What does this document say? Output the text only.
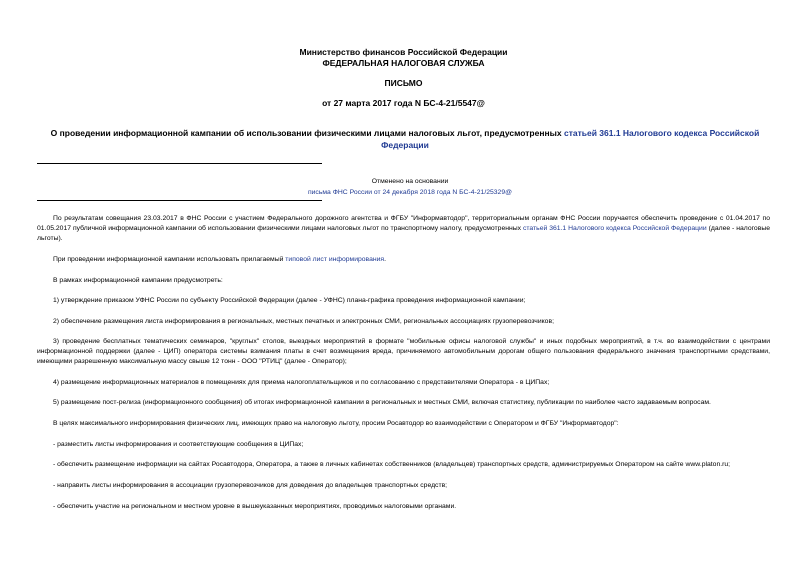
Министерство финансов Российской Федерации
ФЕДЕРАЛЬНАЯ НАЛОГОВАЯ СЛУЖБА
ПИСЬМО
от 27 марта 2017 года N БС-4-21/5547@
О проведении информационной кампании об использовании физическими лицами налоговых льгот, предусмотренных статьей 361.1 Налогового кодекса Российской Федерации
Отменено на основании
письма ФНС России от 24 декабря 2018 года N БС-4-21/25329@
По результатам совещания 23.03.2017 в ФНС России с участием Федерального дорожного агентства и ФГБУ "Информавтодор", территориальным органам ФНС России поручается обеспечить проведение с 01.04.2017 по 01.05.2017 публичной информационной кампании об использовании физическими лицами налоговых льгот по транспортному налогу, предусмотренных статьей 361.1 Налогового кодекса Российской Федерации (далее - налоговые льготы).
При проведении информационной кампании использовать прилагаемый типовой лист информирования.
В рамках информационной кампании предусмотреть:
1) утверждение приказом УФНС России по субъекту Российской Федерации (далее - УФНС) плана-графика проведения информационной кампании;
2) обеспечение размещения листа информирования в региональных, местных печатных и электронных СМИ, региональных ассоциациях грузоперевозчиков;
3) проведение бесплатных тематических семинаров, "круглых" столов, выездных мероприятий в формате "мобильные офисы налоговой службы" и иных подобных мероприятий, в т.ч. во взаимодействии с центрами информационной поддержки (далее - ЦИП) оператора системы взимания платы в счет возмещения вреда, причиняемого автомобильным дорогам общего пользования федерального значения транспортными средствами, имеющими разрешенную максимальную массу свыше 12 тонн - ООО "РТИЦ" (далее - Оператор);
4) размещение информационных материалов в помещениях для приема налогоплательщиков и по согласованию с представителями Оператора - в ЦИПах;
5) размещение пост-релиза (информационного сообщения) об итогах информационной кампании в региональных и местных СМИ, включая статистику, публикации по наиболее часто задаваемым вопросам.
В целях максимального информирования физических лиц, имеющих право на налоговую льготу, просим Росавтодор во взаимодействии с Оператором и ФГБУ "Информавтодор":
- разместить листы информирования и соответствующие сообщения в ЦИПах;
- обеспечить размещение информации на сайтах Росавтодора, Оператора, а также в личных кабинетах собственников (владельцев) транспортных средств, администрируемых Оператором на сайте www.platon.ru;
- направить листы информирования в ассоциации грузоперевозчиков для доведения до владельцев транспортных средств;
- обеспечить участие на региональном и местном уровне в вышеуказанных мероприятиях, проводимых налоговыми органами.
